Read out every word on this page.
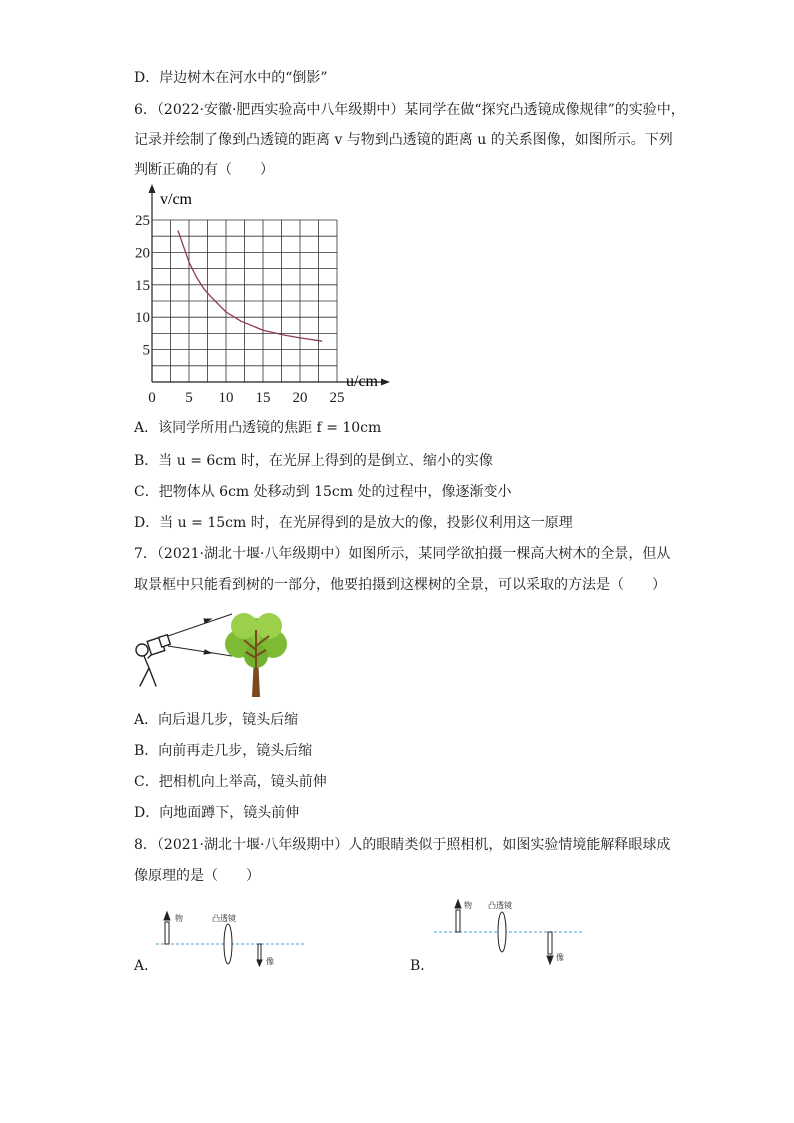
D．岸边树木在河水中的“倒影”
6．（2022·安徽·肥西实验高中八年级期中）某同学在做“探究凸透镜成像规律”的实验中，
记录并绘制了像到凸透镜的距离 v 与物到凸透镜的距离 u 的关系图像，如图所示。下列
判断正确的有（　　）
0 5 10 15 20 25
5
10
15
20
25
v/cm
u/cm
A．该同学所用凸透镜的焦距 f = 10cm
B．当 u = 6cm 时，在光屏上得到的是倒立、缩小的实像
C．把物体从 6cm 处移动到 15cm 处的过程中，像逐渐变小
D．当 u = 15cm 时，在光屏得到的是放大的像，投影仪利用这一原理
7．（2021·湖北十堰·八年级期中）如图所示，某同学欲拍摄一棵高大树木的全景，但从
取景框中只能看到树的一部分，他要拍摄到这棵树的全景，可以采取的方法是（　　）
A．向后退几步，镜头后缩
B．向前再走几步，镜头后缩
C．把相机向上举高，镜头前伸
D．向地面蹲下，镜头前伸
8．（2021·湖北十堰·八年级期中）人的眼睛类似于照相机，如图实验情境能解释眼球成
像原理的是（　　）
A．
物	凸透镜
像	B．
物 凸透镜
像
